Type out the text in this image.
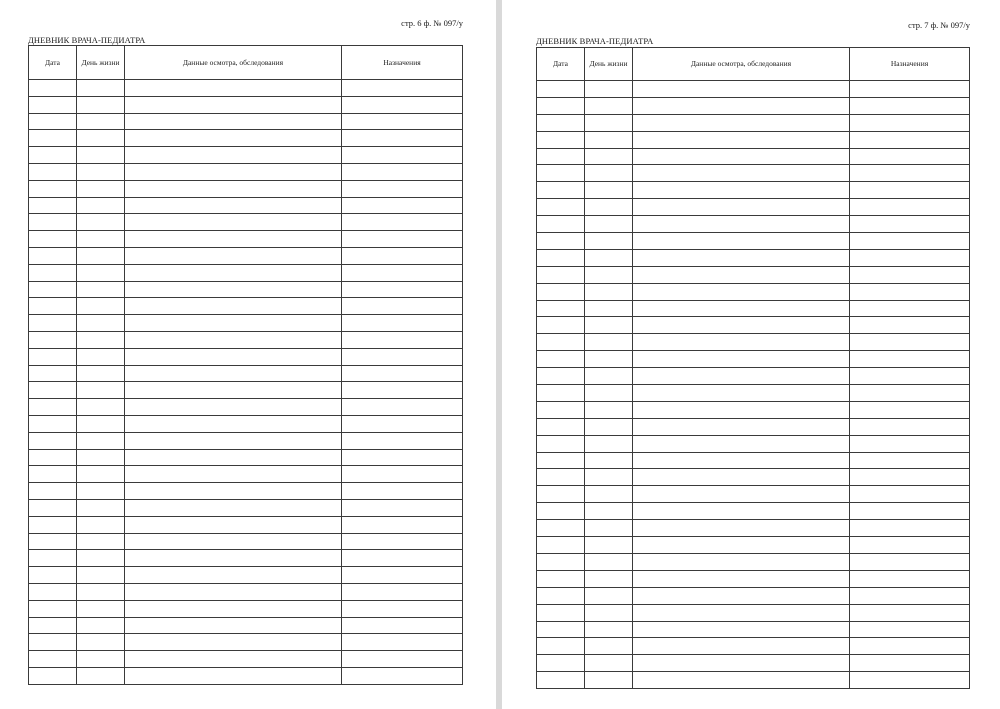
стр. 6 ф. № 097/у
ДНЕВНИК ВРАЧА-ПЕДИАТРА
Дата	День жизни	Данные осмотра, обследования	Назначения

стр. 7 ф. № 097/у
ДНЕВНИК ВРАЧА-ПЕДИАТРА
Дата	День жизни	Данные осмотра, обследования	Назначения
